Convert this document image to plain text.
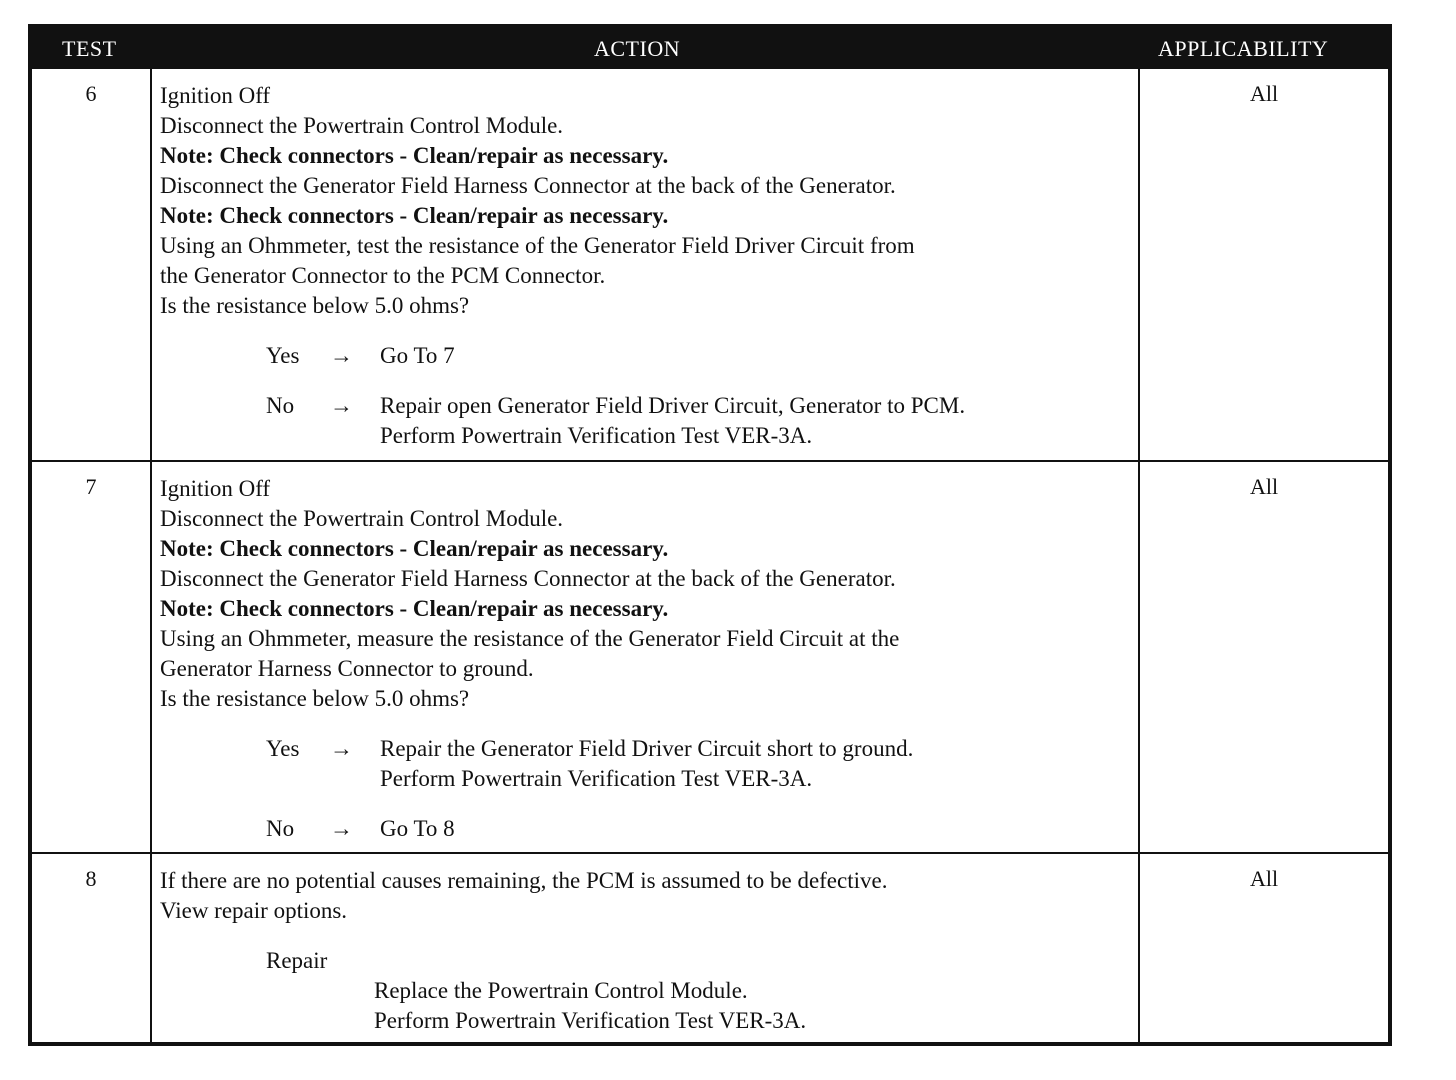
TEST	ACTION	APPLICABILITY
6	Ignition Off
Disconnect the Powertrain Control Module.
Note: Check connectors - Clean/repair as necessary.
Disconnect the Generator Field Harness Connector at the back of the Generator.
Note: Check connectors - Clean/repair as necessary.
Using an Ohmmeter, test the resistance of the Generator Field Driver Circuit from
the Generator Connector to the PCM Connector.
Is the resistance below 5.0 ohms?
Yes → Go To 7
No → Repair open Generator Field Driver Circuit, Generator to PCM.
Perform Powertrain Verification Test VER-3A.
All
7	Ignition Off
Disconnect the Powertrain Control Module.
Note: Check connectors - Clean/repair as necessary.
Disconnect the Generator Field Harness Connector at the back of the Generator.
Note: Check connectors - Clean/repair as necessary.
Using an Ohmmeter, measure the resistance of the Generator Field Circuit at the
Generator Harness Connector to ground.
Is the resistance below 5.0 ohms?
Yes → Repair the Generator Field Driver Circuit short to ground.
Perform Powertrain Verification Test VER-3A.
No → Go To 8
All
8	If there are no potential causes remaining, the PCM is assumed to be defective.
View repair options.
Repair
Replace the Powertrain Control Module.
Perform Powertrain Verification Test VER-3A.
All
